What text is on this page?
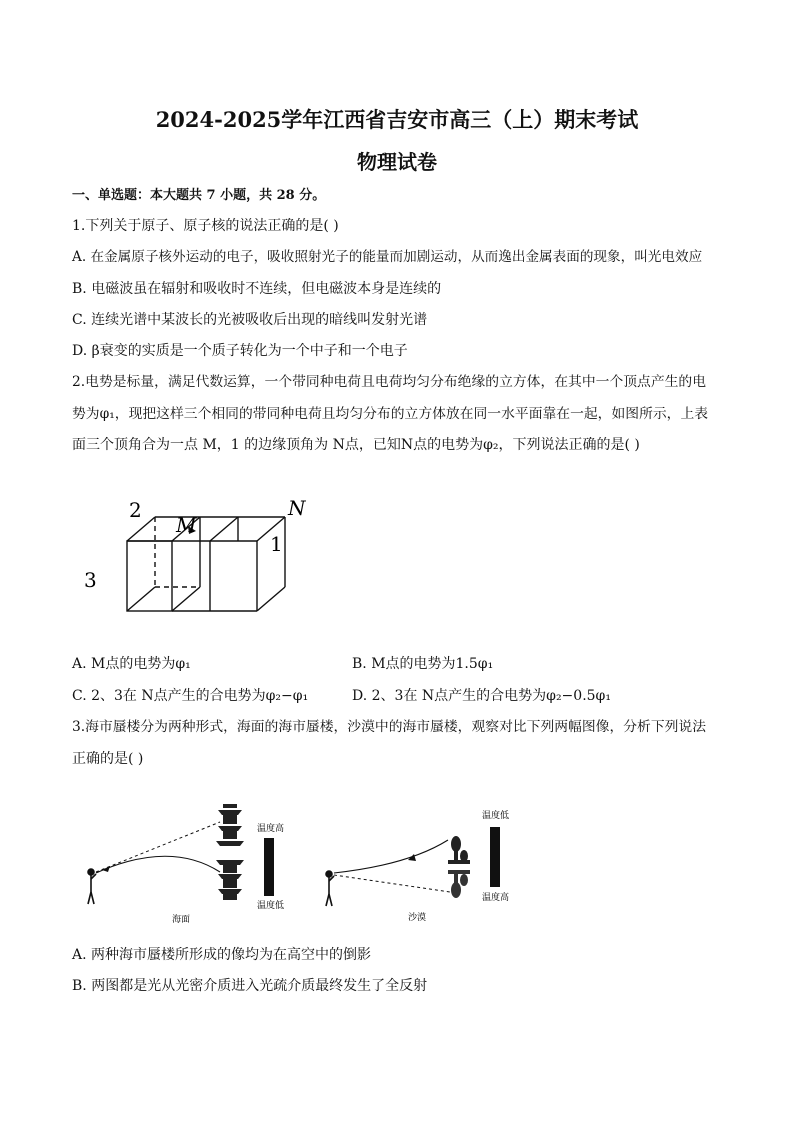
2024-2025学年江西省吉安市高三（上）期末考试
物理试卷
一、单选题：本大题共 7 小题，共 28 分。
1.下列关于原子、原子核的说法正确的是( )
A. 在金属原子核外运动的电子，吸收照射光子的能量而加剧运动，从而逸出金属表面的现象，叫光电效应
B. 电磁波虽在辐射和吸收时不连续，但电磁波本身是连续的
C. 连续光谱中某波长的光被吸收后出现的暗线叫发射光谱
D. β衰变的实质是一个质子转化为一个中子和一个电子
2.电势是标量，满足代数运算，一个带同种电荷且电荷均匀分布绝缘的立方体，在其中一个顶点产生的电
势为φ₁，现把这样三个相同的带同种电荷且均匀分布的立方体放在同一水平面靠在一起，如图所示，上表
面三个顶角合为一点 M，1 的边缘顶角为 N点，已知N点的电势为φ₂，下列说法正确的是( )
2
M
N
1
3
A. M点的电势为φ₁	B. M点的电势为1.5φ₁
C. 2、3在 N点产生的合电势为φ₂−φ₁	D. 2、3在 N点产生的合电势为φ₂−0.5φ₁
3.海市蜃楼分为两种形式，海面的海市蜃楼，沙漠中的海市蜃楼，观察对比下列两幅图像，分析下列说法
正确的是( )
温度高
温度低
海面
温度低
温度高
沙漠
A. 两种海市蜃楼所形成的像均为在高空中的倒影
B. 两图都是光从光密介质进入光疏介质最终发生了全反射
